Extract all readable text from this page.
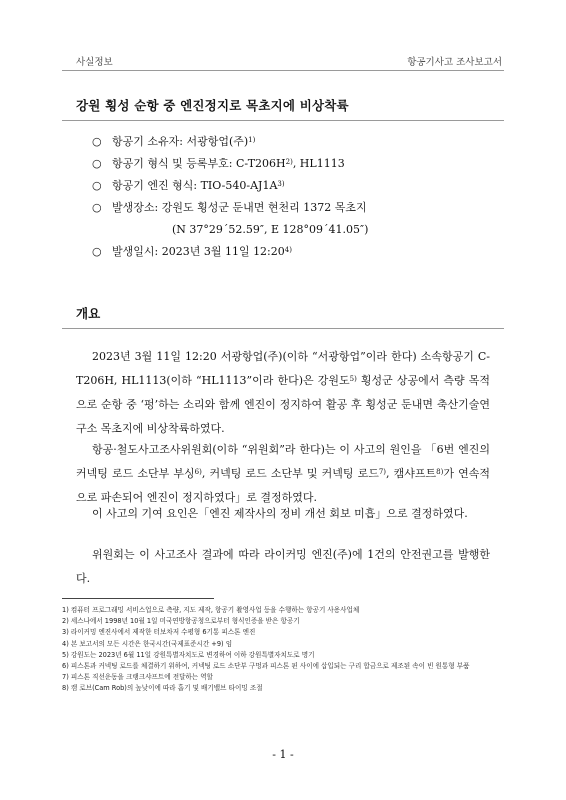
사실정보	항공기사고 조사보고서
강원 횡성 순항 중 엔진정지로 목초지에 비상착륙
○ 항공기 소유자: 서광항업(주)$^{1)}$
○ 항공기 형식 및 등록부호: $C-T206H^{2)}$, HL1113
○ 항공기 엔진 형식: TIO-$540-AJ1A^{3)}$
○ 발생장소: 강원도 횡성군 둔내면 현천리 1372 목초지
(N 37°29´52.59″, E 128°09´41.05″)
○ 발생일시: 2023년 3월 11일 12:20$^{4)}$
개요
2023년 3월 11일 12:20 서광항업(주)(이하 “서광항업”이라 한다) 소속항공기 C-T206H, HL1113(이하 “HL1113”이라 한다)은 강원도$^{5)}$ 횡성군 상공에서 측량 목적으로 순항 중 ‘펑’하는 소리와 함께 엔진이 정지하여 활공 후 횡성군 둔내면 축산기술연구소 목초지에 비상착륙하였다.
항공·철도사고조사위원회(이하 “위원회”라 한다)는 이 사고의 원인을 「6번 엔진의 커넥팅 로드 소단부 부싱$^{6)}$, 커넥팅 로드 소단부 및 커넥팅 로드$^{7)}$, 캠샤프트$^{8)}$가 연속적으로 파손되어 엔진이 정지하였다」로 결정하였다.
이 사고의 기여 요인은「엔진 제작사의 정비 개선 회보 미흡」으로 결정하였다.
위원회는 이 사고조사 결과에 따라 라이커밍 엔진(주)에 1건의 안전권고를 발행한다.
1) 컴퓨터 프로그래밍 서비스업으로 측량, 지도 제작, 항공기 촬영사업 등을 수행하는 항공기 사용사업체
2) 세스나에서 1998년 10월 1일 미국연방항공청으로부터 형식인증을 받은 항공기
3) 라이커밍 엔진사에서 제작한 터보차저 수평형 6기통 피스톤 엔진
4) 본 보고서의 모든 시간은 한국시간(국제표준시간 +9) 임
5) 강원도는 2023년 6월 11일 강원특별자치도로 변경하여 이하 강원특별자치도로 명기
6) 피스톤과 커넥팅 로드를 체결하기 위하여, 커넥팅 로드 소단부 구멍과 피스톤 핀 사이에 삽입되는 구리 합금으로 제조된 속이 빈 원통형 부품
7) 피스톤 직선운동을 크랭크샤프트에 전달하는 역할
8) 캠 로브(Cam Rob)의 높낮이에 따라 흡기 및 배기밸브 타이밍 조절
- 1 -
